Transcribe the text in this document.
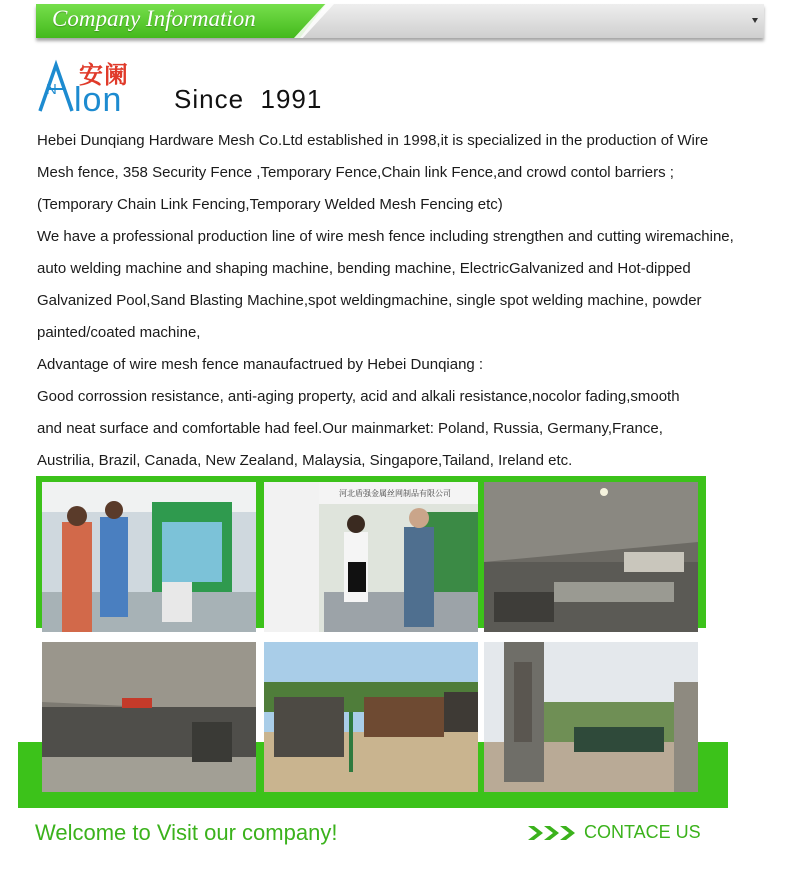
Company Information
N
安阑
lon Since  1991
Hebei Dunqiang Hardware Mesh Co.Ltd established in 1998,it is specialized in the production of Wire
Mesh fence, 358 Security Fence ,Temporary Fence,Chain link Fence,and crowd contol barriers ;
(Temporary Chain Link Fencing,Temporary Welded Mesh Fencing etc)
We have a professional production line of wire mesh fence including strengthen and cutting wiremachine,
auto welding machine and shaping machine, bending machine, ElectricGalvanized and Hot-dipped
Galvanized Pool,Sand Blasting Machine,spot weldingmachine, single spot welding machine, powder
painted/coated machine,
Advantage of wire mesh fence manaufactrued by Hebei Dunqiang :
Good corrossion resistance, anti-aging property, acid and alkali resistance,nocolor fading,smooth
and neat surface and comfortable had feel.Our mainmarket: Poland, Russia, Germany,France,
Austrilia, Brazil, Canada, New Zealand, Malaysia, Singapore,Tailand, Ireland etc.
河北盾强金属丝网制品有限公司
Welcome to Visit our company!	CONTACE US
